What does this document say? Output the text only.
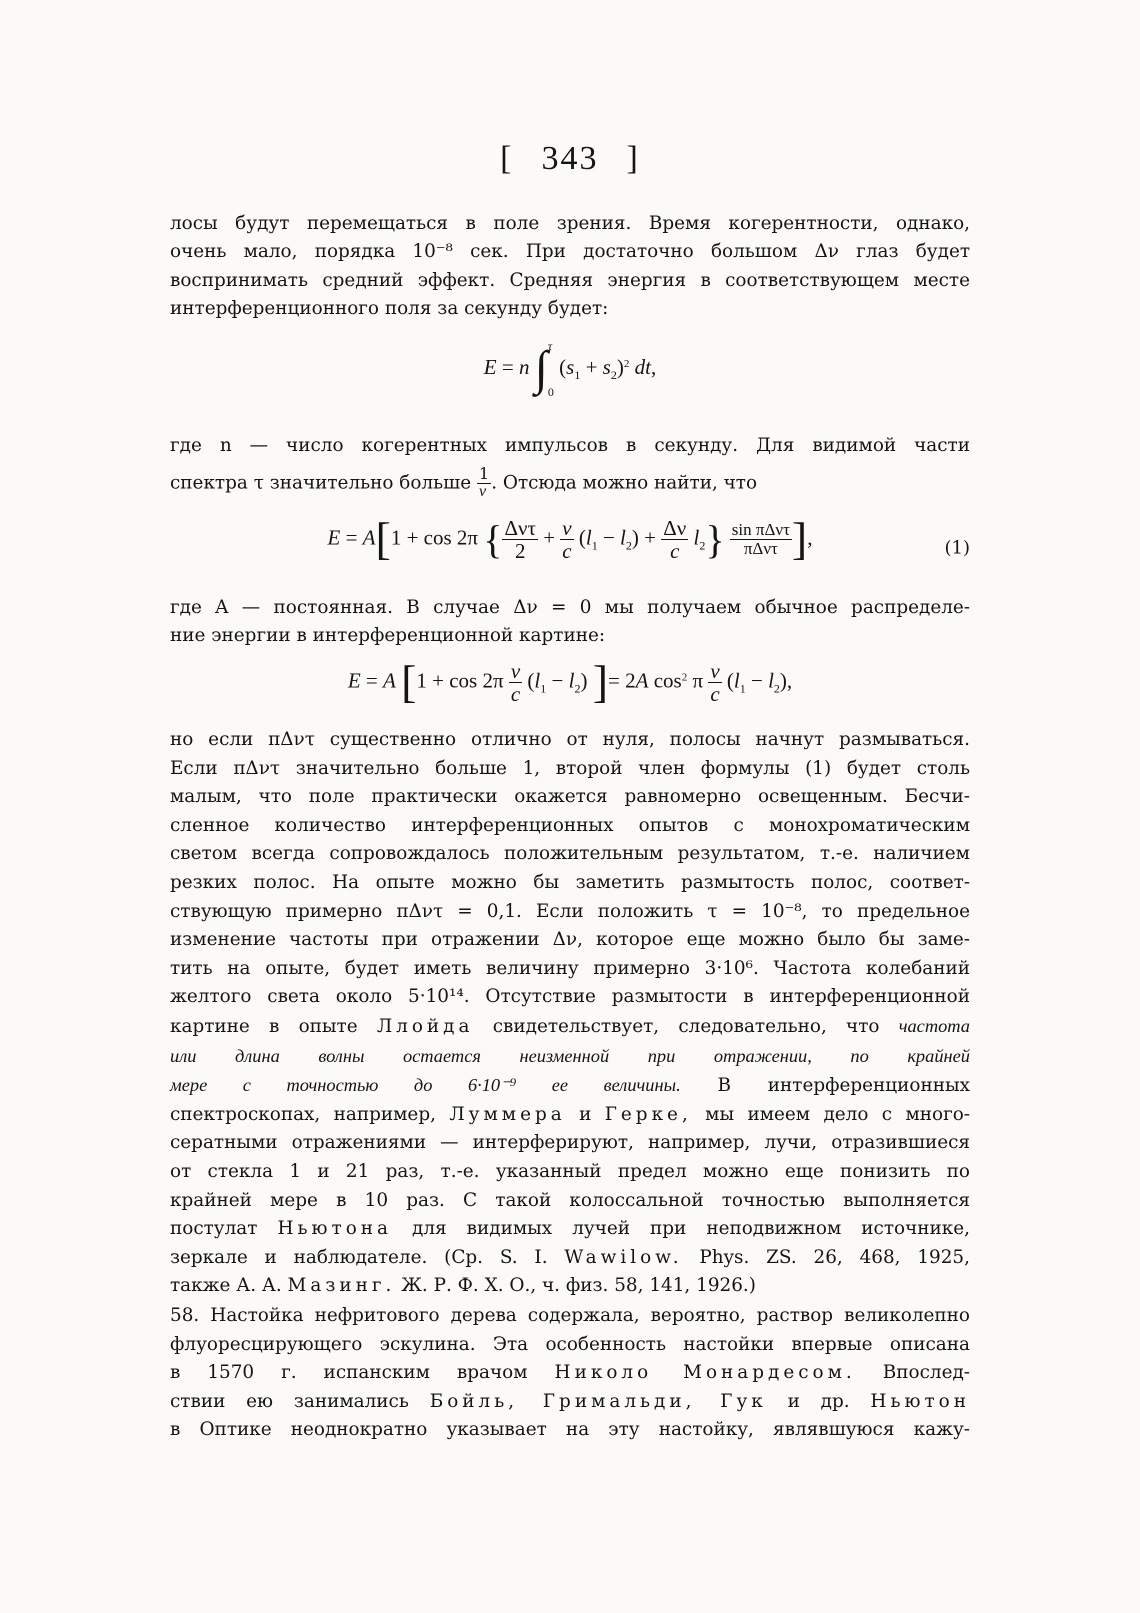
[ 343 ]
лосы будут перемещаться в поле зрения. Время когерентности, однако,
очень мало, порядка 10⁻⁸ сек. При достаточно большом Δν глаз будет
воспринимать средний эффект. Средняя энергия в соответствующем месте
интерференционного поля за секунду будет:
E = n ∫ τ
0
$(s_1 + s_2)^2$ dt,
где n — число когерентных импульсов в секунду. Для видимой части
спектра τ значительно больше $\frac{1}{\nu}$ . Отсюда можно найти, что
E = A[1 + cos 2π { $\frac{\text{Δντ}}{2} + \frac{\nu}{c} (l_1 - l_2) + \frac{\Delta\nu}{c} l_2\} \frac{\text{sin πΔντ}}{\text{πΔντ}}$ ],	(1)
где A — постоянная. В случае Δν = 0 мы получаем обычное распределе-
ние энергии в интерференционной картине:
E = A [$1 + \cos 2\pi \frac{\nu}{c} (l_1 - l_2)$ ]= 2A $\cos^2 \pi \frac{\nu}{c} (l_1 - l_2)$,
но если πΔντ существенно отлично от нуля, полосы начнут размываться.
Если πΔντ значительно больше 1, второй член формулы (1) будет столь
малым, что поле практически окажется равномерно освещенным. Бесчи-
сленное количество интерференционных опытов с монохроматическим
светом всегда сопровождалось положительным результатом, т.-е. наличием
резких полос. На опыте можно бы заметить размытость полос, соответ-
ствующую примерно πΔντ = 0,1. Если положить τ = 10⁻⁸, то предельное
изменение частоты при отражении Δν, которое еще можно было бы заме-
тить на опыте, будет иметь величину примерно 3·10⁶. Частота колебаний
желтого света около 5·10¹⁴. Отсутствие размытости в интерференционной
картине в опыте Ллойда свидетельствует, следовательно, что частота
или длина волны остается неизменной при отражении, по крайней
мере с точностью до 6·10⁻⁹ ее величины. В интерференционных
спектроскопах, например, Луммера и Герке, мы имеем дело с много-
сератными отражениями — интерферируют, например, лучи, отразившиеся
от стекла 1 и 21 раз, т.-е. указанный предел можно еще понизить по
крайней мере в 10 раз. С такой колоссальной точностью выполняется
постулат Ньютона для видимых лучей при неподвижном источнике,
зеркале и наблюдателе. (Ср. S. I. Wawilow. Phys. ZS. 26, 468, 1925,
также А. А. Мазинг. Ж. Р. Ф. Х. О., ч. физ. 58, 141, 1926.)
58. Настойка нефритового дерева содержала, вероятно, раствор великолепно
флуоресцирующего эскулина. Эта особенность настойки впервые описана
в 1570 г. испанским врачом Николо Монардесом. Впослед-
ствии ею занимались Бойль, Гримальди, Гук и др. Ньютон
в Оптике неоднократно указывает на эту настойку, являвшуюся кажу-
